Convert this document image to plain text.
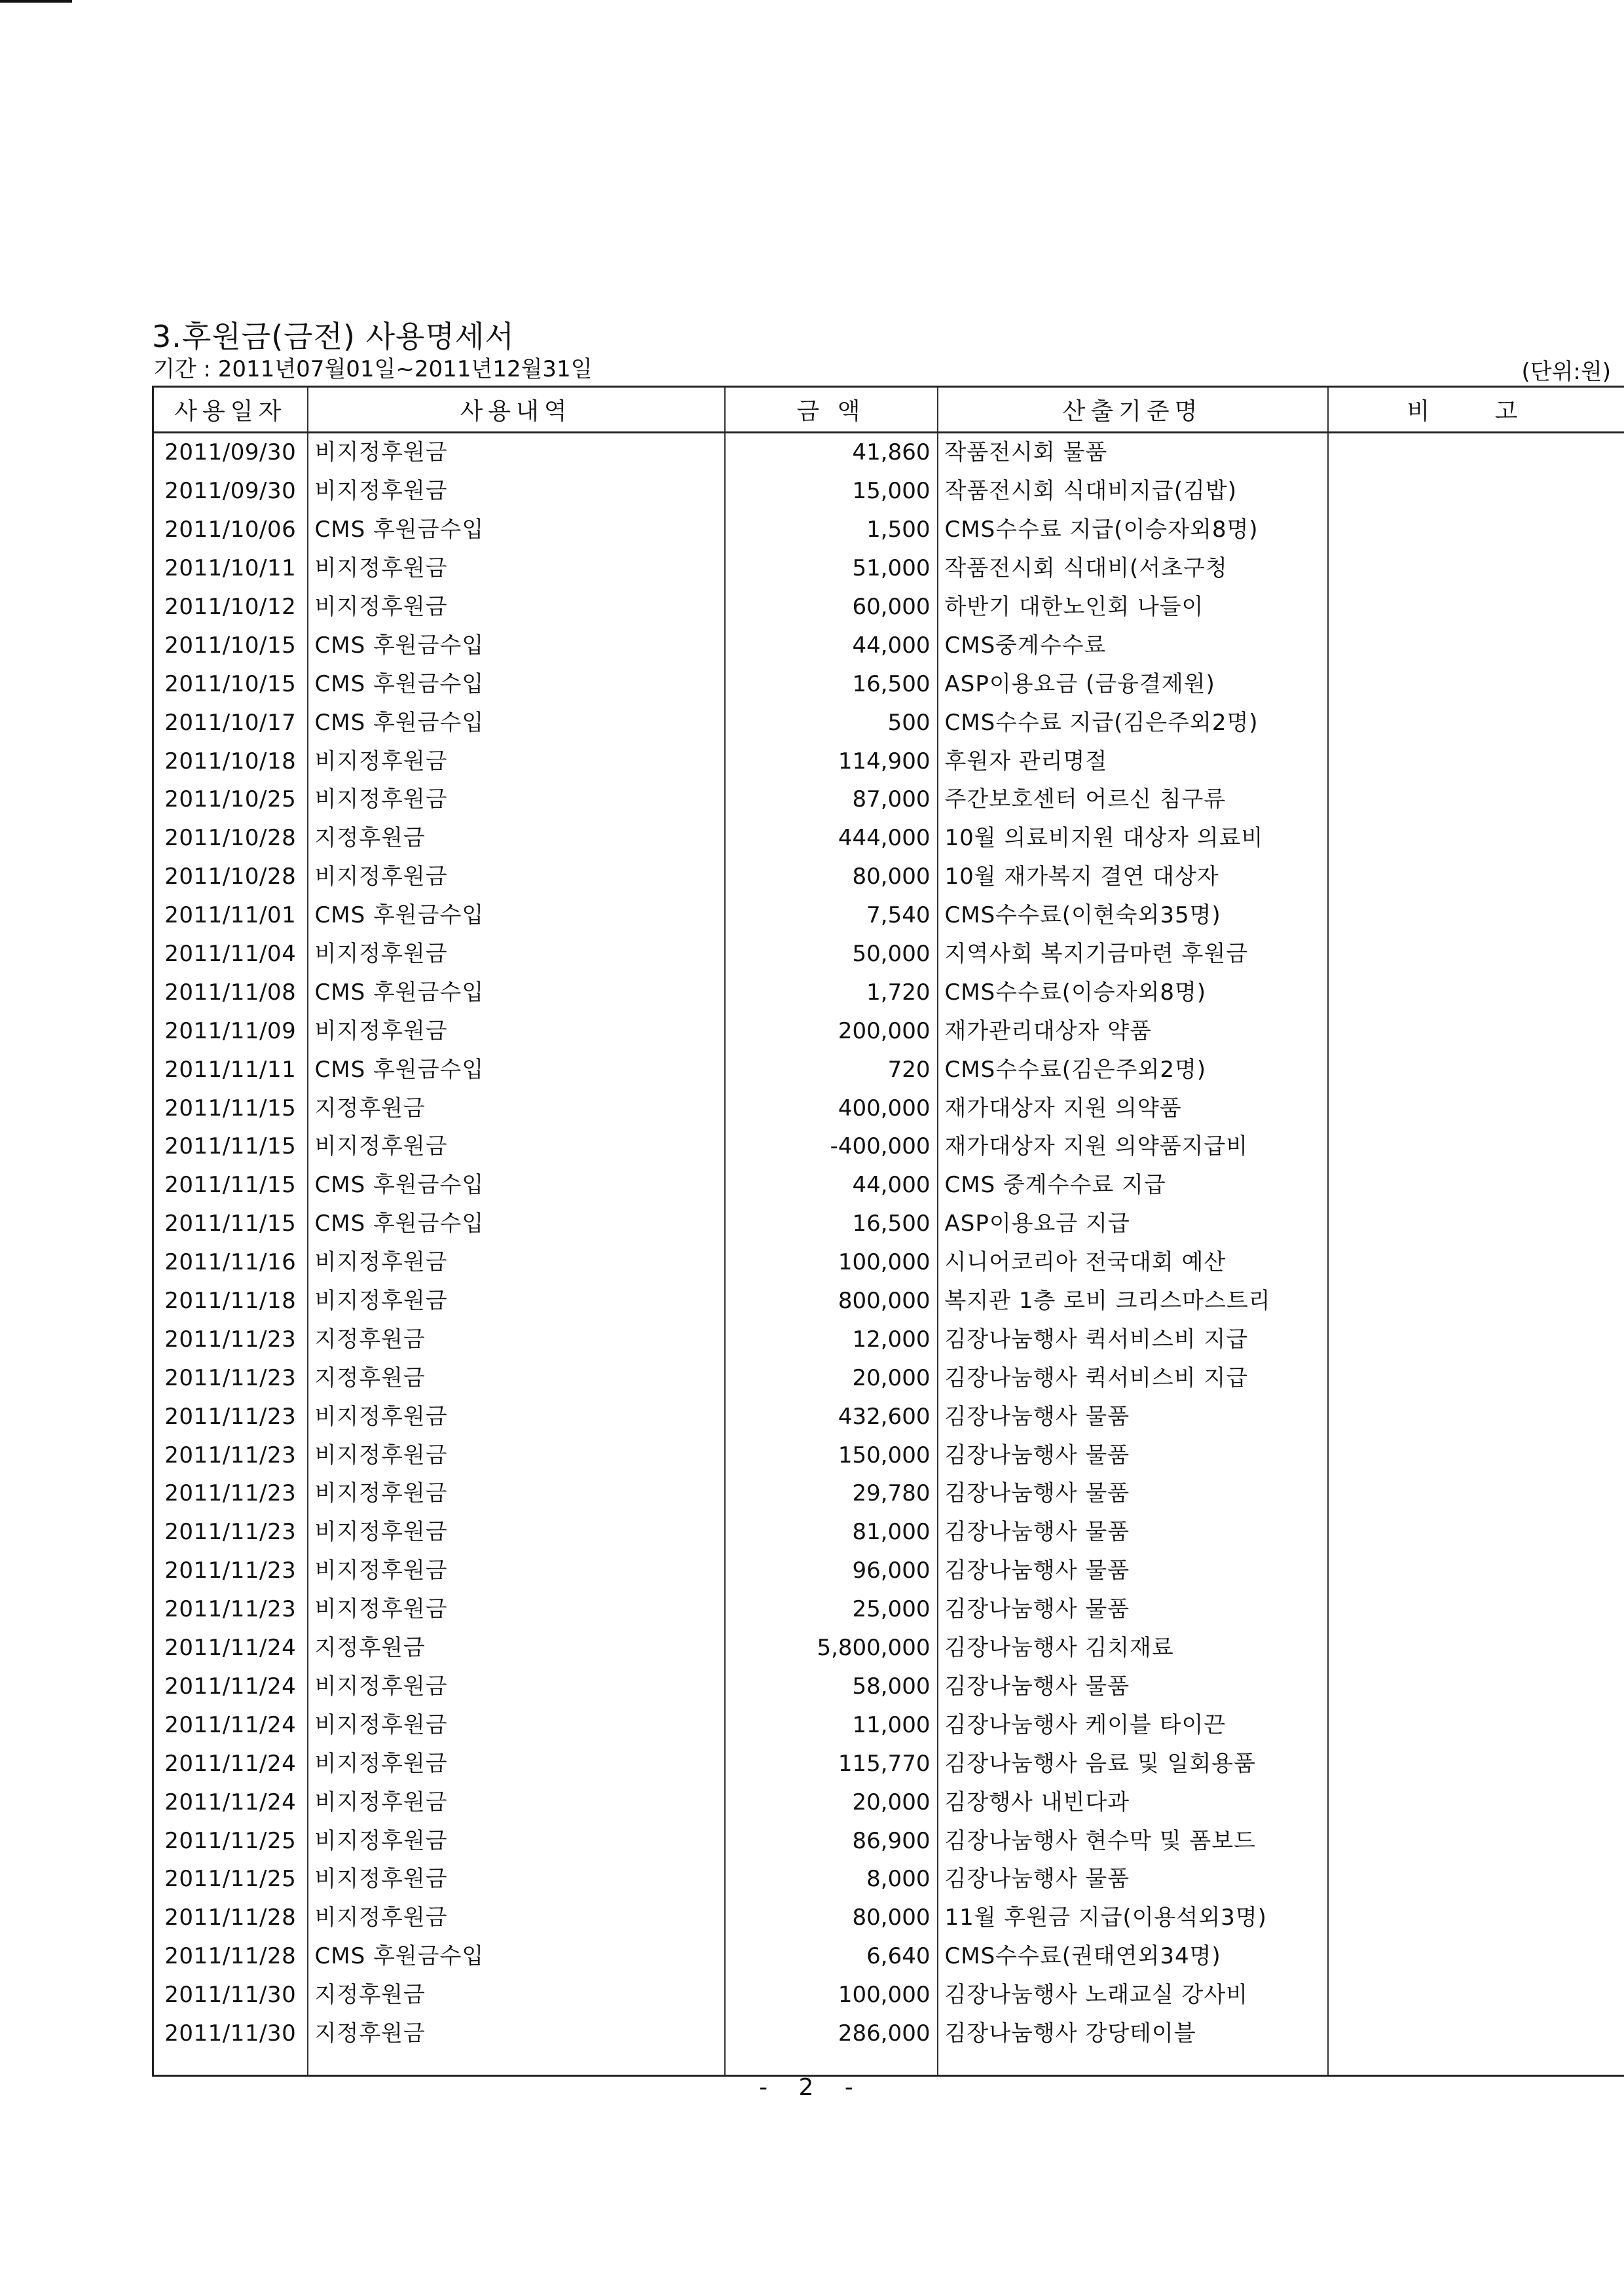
3.후원금(금전) 사용명세서
기간 : 2011년07월01일~2011년12월31일	(단위:원)
사용일자	사용내역	금 액	산출기준명	비 고
2011/09/30	비지정후원금	41,860	작품전시회 물품	
2011/09/30	비지정후원금	15,000	작품전시회 식대비지급(김밥)	
2011/10/06	CMS 후원금수입	1,500	CMS수수료 지급(이승자외8명)	
2011/10/11	비지정후원금	51,000	작품전시회 식대비(서초구청	
2011/10/12	비지정후원금	60,000	하반기 대한노인회 나들이	
2011/10/15	CMS 후원금수입	44,000	CMS중계수수료	
2011/10/15	CMS 후원금수입	16,500	ASP이용요금 (금융결제원)	
2011/10/17	CMS 후원금수입	500	CMS수수료 지급(김은주외2명)	
2011/10/18	비지정후원금	114,900	후원자 관리명절	
2011/10/25	비지정후원금	87,000	주간보호센터 어르신 침구류	
2011/10/28	지정후원금	444,000	10월 의료비지원 대상자 의료비	
2011/10/28	비지정후원금	80,000	10월 재가복지 결연 대상자	
2011/11/01	CMS 후원금수입	7,540	CMS수수료(이현숙외35명)	
2011/11/04	비지정후원금	50,000	지역사회 복지기금마련 후원금	
2011/11/08	CMS 후원금수입	1,720	CMS수수료(이승자외8명)	
2011/11/09	비지정후원금	200,000	재가관리대상자 약품	
2011/11/11	CMS 후원금수입	720	CMS수수료(김은주외2명)	
2011/11/15	지정후원금	400,000	재가대상자 지원 의약품	
2011/11/15	비지정후원금	-400,000	재가대상자 지원 의약품지급비	
2011/11/15	CMS 후원금수입	44,000	CMS 중계수수료 지급	
2011/11/15	CMS 후원금수입	16,500	ASP이용요금 지급	
2011/11/16	비지정후원금	100,000	시니어코리아 전국대회 예산	
2011/11/18	비지정후원금	800,000	복지관 1층 로비 크리스마스트리	
2011/11/23	지정후원금	12,000	김장나눔행사 퀵서비스비 지급	
2011/11/23	지정후원금	20,000	김장나눔행사 퀵서비스비 지급	
2011/11/23	비지정후원금	432,600	김장나눔행사 물품	
2011/11/23	비지정후원금	150,000	김장나눔행사 물품	
2011/11/23	비지정후원금	29,780	김장나눔행사 물품	
2011/11/23	비지정후원금	81,000	김장나눔행사 물품	
2011/11/23	비지정후원금	96,000	김장나눔행사 물품	
2011/11/23	비지정후원금	25,000	김장나눔행사 물품	
2011/11/24	지정후원금	5,800,000	김장나눔행사 김치재료	
2011/11/24	비지정후원금	58,000	김장나눔행사 물품	
2011/11/24	비지정후원금	11,000	김장나눔행사 케이블 타이끈	
2011/11/24	비지정후원금	115,770	김장나눔행사 음료 및 일회용품	
2011/11/24	비지정후원금	20,000	김장행사 내빈다과	
2011/11/25	비지정후원금	86,900	김장나눔행사 현수막 및 폼보드	
2011/11/25	비지정후원금	8,000	김장나눔행사 물품	
2011/11/28	비지정후원금	80,000	11월 후원금 지급(이용석외3명)	
2011/11/28	CMS 후원금수입	6,640	CMS수수료(권태연외34명)	
2011/11/30	지정후원금	100,000	김장나눔행사 노래교실 강사비	
2011/11/30	지정후원금	286,000	김장나눔행사 강당테이블	

- 2 -
